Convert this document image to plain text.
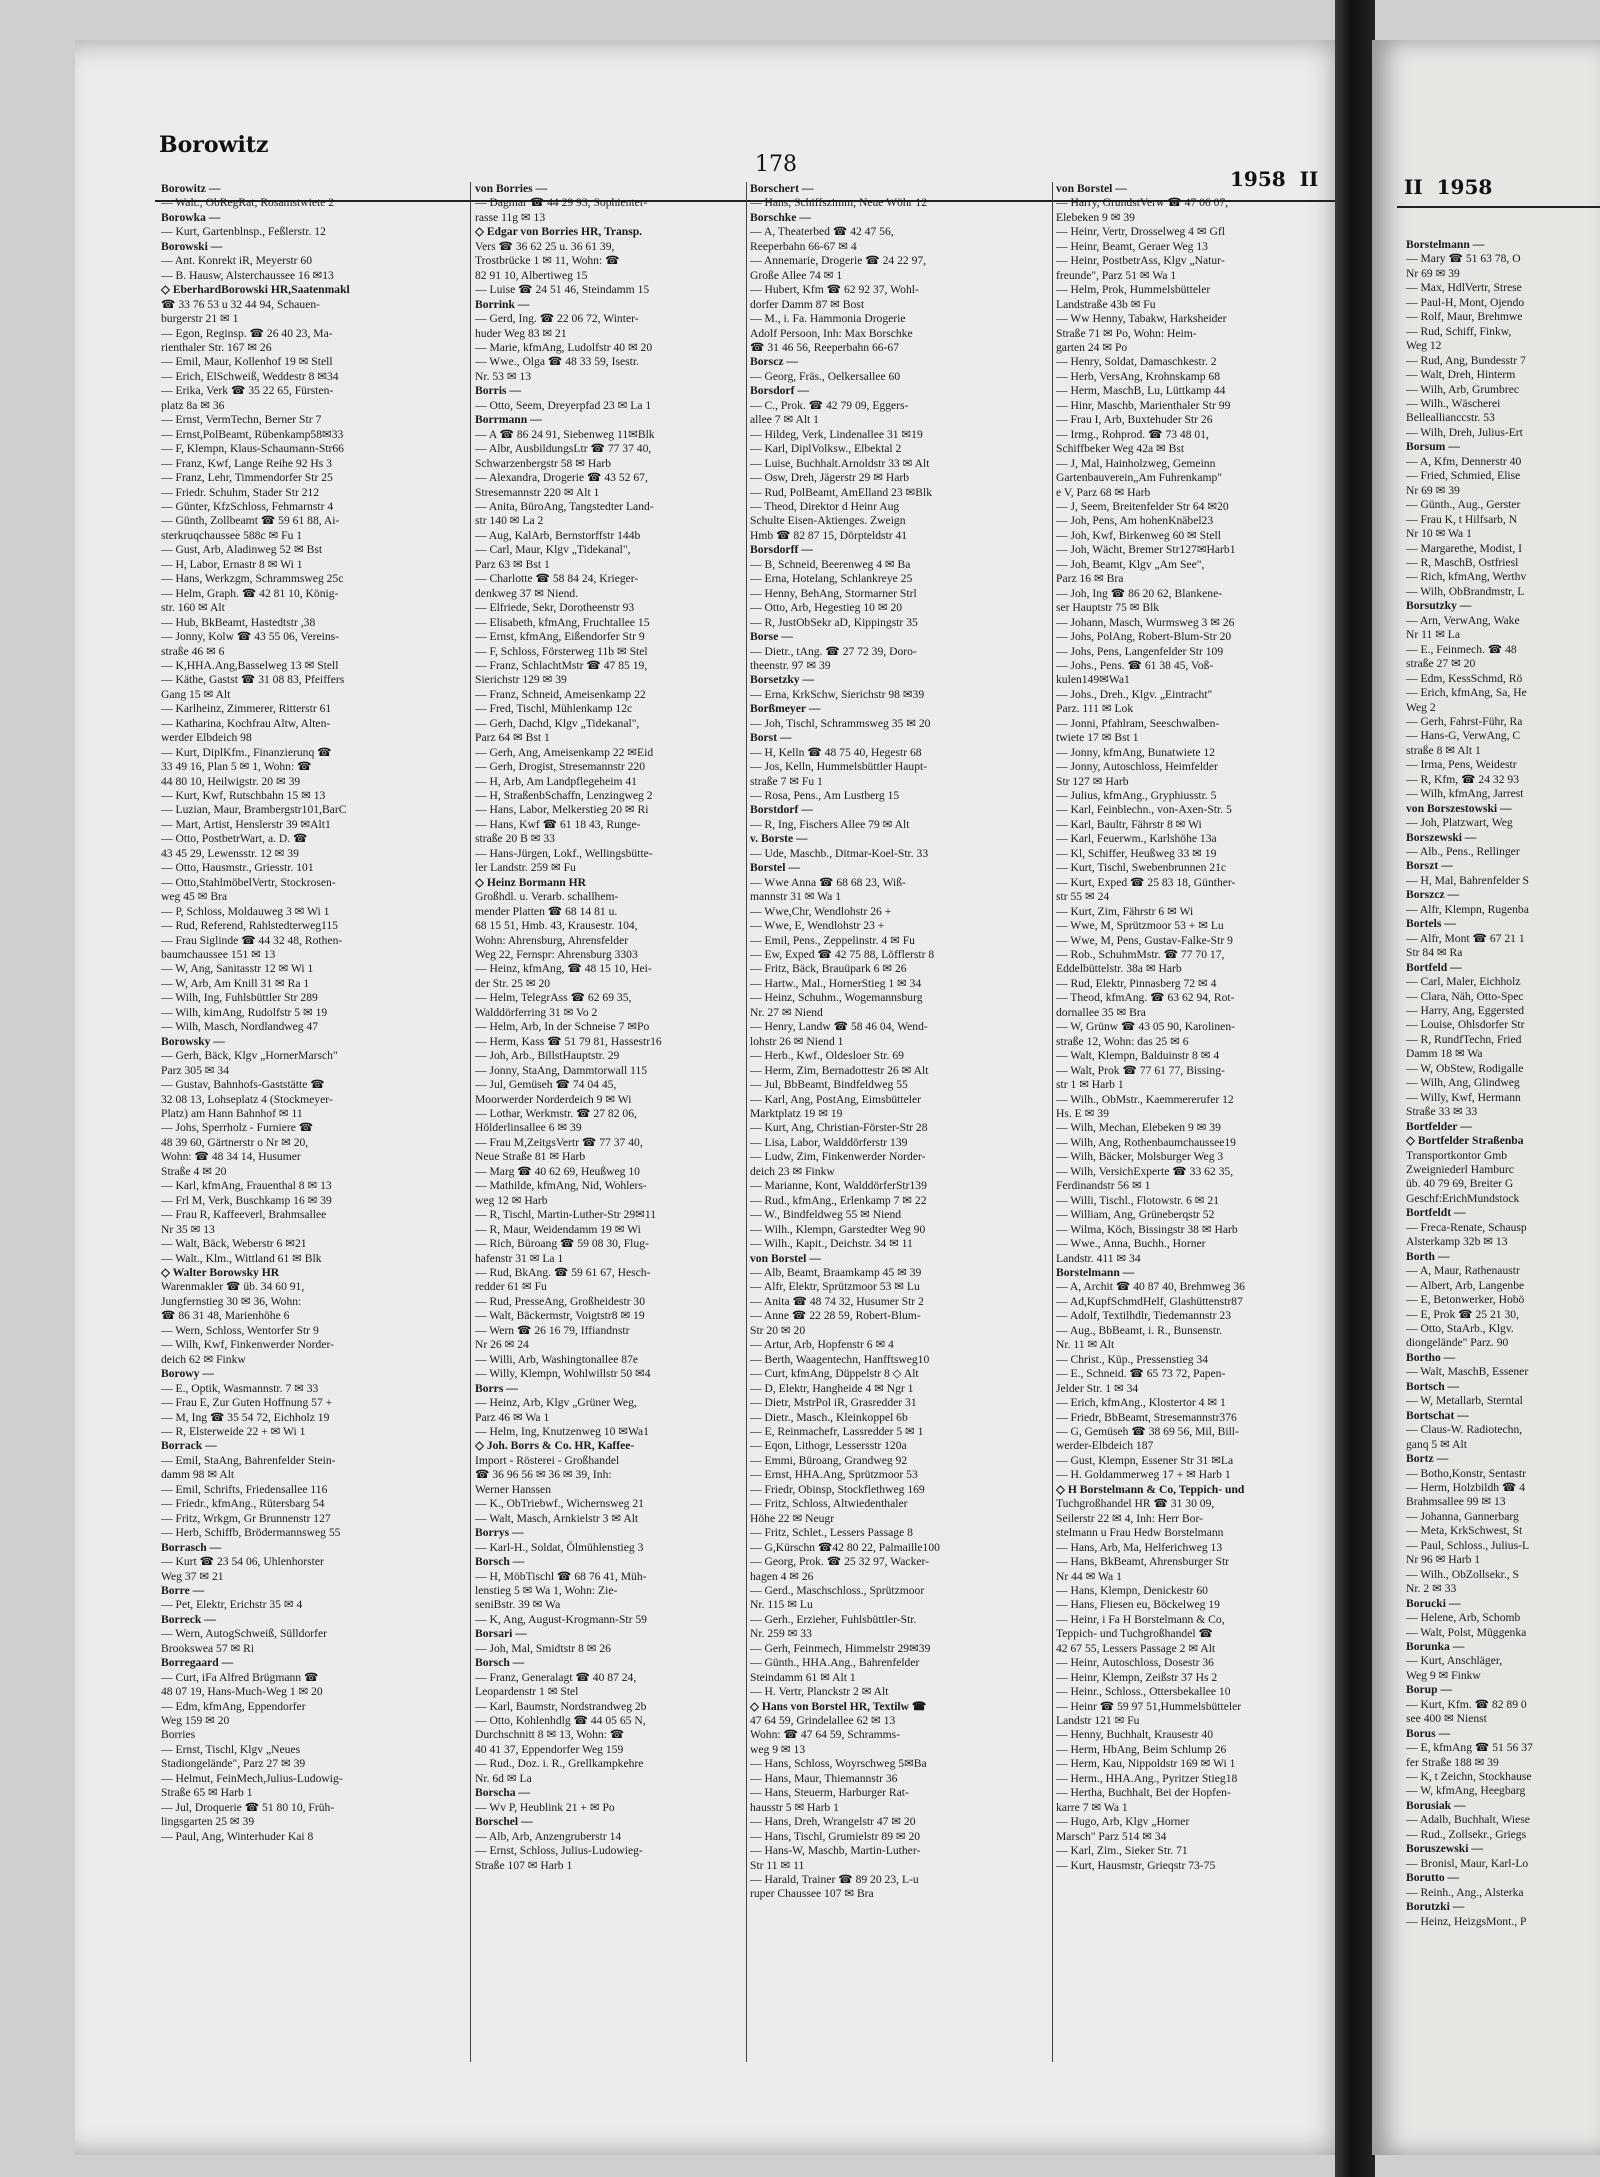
Borowitz
178
1958  II	II  1958
Borstelmann —
— Mary ☎ 51 63 78, O
Nr 69 ✉ 39
— Max, HdlVertr, Strese
— Paul-H, Mont, Ojendo
— Rolf, Maur, Brehmwe
— Rud, Schiff, Finkw,
Weg 12
— Rud, Ang, Bundesstr 7
— Walt, Dreh, Hinterm
— Wilh, Arb, Grumbrec
— Wilh., Wäscherei
Belleallianccstr. 53
— Wilh, Dreh, Julius-Ert
Borsum —
— A, Kfm, Dennerstr 40
— Fried, Schmied, Elise
Nr 69 ✉ 39
— Günth., Aug., Gerster
— Frau K, t Hilfsarb, N
Nr 10 ✉ Wa 1
— Margarethe, Modist, I
— R, MaschB, Ostfriesl
— Rich, kfmAng, Werthv
— Wilh, ObBrandmstr, L
Borsutzky —
— Arn, VerwAng, Wake
Nr 11 ✉ La
— E., Feinmech. ☎ 48
straße 27 ✉ 20
— Edm, KessSchmd, Rö
— Erich, kfmAng, Sa, He
Weg 2
— Gerh, Fahrst-Führ, Ra
— Hans-G, VerwAng, C
straße 8 ✉ Alt 1
— Irma, Pens, Weidestr
— R, Kfm, ☎ 24 32 93
— Wilh, kfmAng, Jarrest
von Borszestowski —
— Joh, Platzwart, Weg
Borszewski —
— Alb., Pens., Rellinger
Borszt —
— H, Mal, Bahrenfelder S
Borszcz —
— Alfr, Klempn, Rugenba
Bortels —
— Alfr, Mont ☎ 67 21 1
Str 84 ✉ Ra
Bortfeld —
— Carl, Maler, Eichholz
— Clara, Näh, Otto-Spec
— Harry, Ang, Eggersted
— Louise, Ohlsdorfer Str
— R, RundfTechn, Fried
Damm 18 ✉ Wa
— W, ObStew, Rodigalle
— Wilh, Ang, Glindweg
— Willy, Kwf, Hermann
Straße 33 ✉ 33
Bortfelder —
◇ Bortfelder Straßenba
Transportkontor Gmb
Zweigniederl Hamburc
üb. 40 79 69, Breiter G
Geschf:ErichMundstock
Bortfeldt —
— Freca-Renate, Schausp
Alsterkamp 32b ✉ 13
Borth —
— A, Maur, Rathenaustr
— Albert, Arb, Langenbe
— E, Betonwerker, Hobö
— E, Prok ☎ 25 21 30,
— Otto, StaArb., Klgv.
diongelände" Parz. 90
Bortho —
— Walt, MaschB, Essener
Bortsch —
— W, Metallarb, Sterntal
Bortschat —
— Claus-W. Radiotechn,
ganq 5 ✉ Alt
Bortz —
— Botho,Konstr, Sentastr
— Herm, Holzbildh ☎ 4
Brahmsallee 99 ✉ 13
— Johanna, Gannerbarg
— Meta, KrkSchwest, St
— Paul, Schloss., Julius-L
Nr 96 ✉ Harb 1
— Wilh., ObZollsekr., S
Nr. 2 ✉ 33
Borucki —
— Helene, Arb, Schomb
— Walt, Polst, Müggenka
Borunka —
— Kurt, Anschläger,
Weg 9 ✉ Finkw
Borup —
— Kurt, Kfm. ☎ 82 89 0
see 400 ✉ Nienst
Borus —
— E, kfmAng ☎ 51 56 37
fer Straße 188 ✉ 39
— K, t Zeichn, Stockhause
— W, kfmAng, Heegbarg
Borusiak —
— Adalb, Buchhalt, Wiese
— Rud., Zollsekr., Griegs
Boruszewski —
— Bronisl, Maur, Karl-Lo
Borutto —
— Reinh., Ang., Alsterka
Borutzki —
— Heinz, HeizgsMont., P
Borowitz —
— Walt., ObRegRat, Rosamstwiete 2
Borowka —
— Kurt, Gartenblnsp., Feßlerstr. 12
Borowski —
— Ant. Konrekt iR, Meyerstr 60
— B. Hausw, Alsterchaussee 16 ✉13
◇ EberhardBorowski HR,Saatenmakl
☎ 33 76 53 u 32 44 94, Schauen-
burgerstr 21 ✉ 1
— Egon, Reginsp. ☎ 26 40 23, Ma-
rienthaler Str. 167 ✉ 26
— Emil, Maur, Kollenhof 19 ✉ Stell
— Erich, ElSchweiß, Weddestr 8 ✉34
— Erika, Verk ☎ 35 22 65, Fürsten-
platz 8a ✉ 36
— Ernst, VermTechn, Berner Str 7
— Ernst,PolBeamt, Rübenkamp58✉33
— F, Klempn, Klaus-Schaumann-Str66
— Franz, Kwf, Lange Reihe 92 Hs 3
— Franz, Lehr, Timmendorfer Str 25
— Friedr. Schuhm, Stader Str 212
— Günter, KfzSchloss, Fehmarnstr 4
— Günth, Zollbeamt ☎ 59 61 88, Ai-
sterkruqchaussee 588c ✉ Fu 1
— Gust, Arb, Aladinweg 52 ✉ Bst
— H, Labor, Ernastr 8 ✉ Wi 1
— Hans, Werkzgm, Schrammsweg 25c
— Helm, Graph. ☎ 42 81 10, König-
str. 160 ✉ Alt
— Hub, BkBeamt, Hastedtstr ,38
— Jonny, Kolw ☎ 43 55 06, Vereins-
straße 46 ✉ 6
— K,HHA.Ang,Basselweg 13 ✉ Stell
— Käthe, Gastst ☎ 31 08 83, Pfeiffers
Gang 15 ✉ Alt
— Karlheinz, Zimmerer, Ritterstr 61
— Katharina, Kochfrau Altw, Alten-
werder Elbdeich 98
— Kurt, DiplKfm., Finanzierunq ☎
33 49 16, Plan 5 ✉ 1, Wohn: ☎
44 80 10, Heilwigstr. 20 ✉ 39
— Kurt, Kwf, Rutschbahn 15 ✉ 13
— Luzian, Maur, Brambergstr101,BarC
— Mart, Artist, Henslerstr 39 ✉Alt1
— Otto, PostbetrWart, a. D. ☎
43 45 29, Lewensstr. 12 ✉ 39
— Otto, Hausmstr., Griesstr. 101
— Otto,StahlmöbelVertr, Stockrosen-
weg 45 ✉ Bra
— P, Schloss, Moldauweg 3 ✉ Wi 1
— Rud, Referend, Rahlstedterweg115
— Frau Siglinde ☎ 44 32 48, Rothen-
baumchaussee 151 ✉ 13
— W, Ang, Sanitasstr 12 ✉ Wi 1
— W, Arb, Am Knill 31 ✉ Ra 1
— Wilh, Ing, Fuhlsbüttler Str 289
— Wilh, kimAng, Rudolfstr 5 ✉ 19
— Wilh, Masch, Nordlandweg 47
Borowsky —
— Gerh, Bäck, Klgv „HornerMarsch"
Parz 305 ✉ 34
— Gustav, Bahnhofs-Gaststätte ☎
32 08 13, Lohseplatz 4 (Stockmeyer-
Platz) am Hann Bahnhof ✉ 11
— Johs, Sperrholz - Furniere ☎
48 39 60, Gärtnerstr o Nr ✉ 20,
Wohn: ☎ 48 34 14, Husumer
Straße 4 ✉ 20
— Karl, kfmAng, Frauenthal 8 ✉ 13
— Frl M, Verk, Buschkamp 16 ✉ 39
— Frau R, Kaffeeverl, Brahmsallee
Nr 35 ✉ 13
— Walt, Bäck, Weberstr 6 ✉21
— Walt., Klm., Wittland 61 ✉ Blk
◇ Walter Borowsky HR
Warenmakler ☎ üb. 34 60 91,
Jungfernstieg 30 ✉ 36, Wohn:
☎ 86 31 48, Marienhöhe 6
— Wern, Schloss, Wentorfer Str 9
— Wilh, Kwf, Finkenwerder Norder-
deich 62 ✉ Finkw
Borowy —
— E., Optik, Wasmannstr. 7 ✉ 33
— Frau E, Zur Guten Hoffnung 57 +
— M, Ing ☎ 35 54 72, Eichholz 19
— R, Elsterweide 22 + ✉ Wi 1
Borrack —
— Emil, StaAng, Bahrenfelder Stein-
damm 98 ✉ Alt
— Emil, Schrifts, Friedensallee 116
— Friedr., kfmAng., Rütersbarg 54
— Fritz, Wrkgm, Gr Brunnenstr 127
— Herb, Schiffb, Brödermannsweg 55
Borrasch —
— Kurt ☎ 23 54 06, Uhlenhorster
Weg 37 ✉ 21
Borre —
— Pet, Elektr, Erichstr 35 ✉ 4
Borreck —
— Wern, AutogSchweiß, Sülldorfer
Brookswea 57 ✉ Ri
Borregaard —
— Curt, iFa Alfred Brügmann ☎
48 07 19, Hans-Much-Weg 1 ✉ 20
— Edm, kfmAng, Eppendorfer
Weg 159 ✉ 20
Borries
— Ernst, Tischl, Klgv „Neues
Stadiongelände", Parz 27 ✉ 39
— Helmut, FeinMech,Julius-Ludowig-
Straße 65 ✉ Harb 1
— Jul, Droquerie ☎ 51 80 10, Früh-
lingsgarten 25 ✉ 39
— Paul, Ang, Winterhuder Kai 8
von Borries —
— Dagmar ☎ 44 29 93, Sophienter-
rasse 11g ✉ 13
◇ Edgar von Borries HR, Transp.
Vers ☎ 36 62 25 u. 36 61 39,
Trostbrücke 1 ✉ 11, Wohn: ☎
82 91 10, Albertiweg 15
— Luise ☎ 24 51 46, Steindamm 15
Borrink —
— Gerd, Ing. ☎ 22 06 72, Winter-
huder Weg 83 ✉ 21
— Marie, kfmAng, Ludolfstr 40 ✉ 20
— Wwe., Olga ☎ 48 33 59, Isestr.
Nr. 53 ✉ 13
Borris —
— Otto, Seem, Dreyerpfad 23 ✉ La 1
Borrmann —
— A ☎ 86 24 91, Siebenweg 11✉Blk
— Albr, AusbildungsLtr ☎ 77 37 40,
Schwarzenbergstr 58 ✉ Harb
— Alexandra, Drogerie ☎ 43 52 67,
Stresemannstr 220 ✉ Alt 1
— Anita, BüroAng, Tangstedter Land-
str 140 ✉ La 2
— Aug, KalArb, Bernstorffstr 144b
— Carl, Maur, Klgv „Tidekanal",
Parz 63 ✉ Bst 1
— Charlotte ☎ 58 84 24, Krieger-
denkweg 37 ✉ Niend.
— Elfriede, Sekr, Dorotheenstr 93
— Elisabeth, kfmAng, Fruchtallee 15
— Ernst, kfmAng, Eißendorfer Str 9
— F, Schloss, Försterweg 11b ✉ Stel
— Franz, SchlachtMstr ☎ 47 85 19,
Sierichstr 129 ✉ 39
— Franz, Schneid, Ameisenkamp 22
— Fred, Tischl, Mühlenkamp 12c
— Gerh, Dachd, Klgv „Tidekanal",
Parz 64 ✉ Bst 1
— Gerh, Ang, Ameisenkamp 22 ✉Eid
— Gerh, Drogist, Stresemannstr 220
— H, Arb, Am Landpflegeheim 41
— H, StraßenbSchaffn, Lenzingweg 2
— Hans, Labor, Melkerstieg 20 ✉ Ri
— Hans, Kwf ☎ 61 18 43, Runge-
straße 20 B ✉ 33
— Hans-Jürgen, Lokf., Wellingsbütte-
ler Landstr. 259 ✉ Fu
◇ Heinz Bormann HR
Großhdl. u. Verarb. schallhem-
mender Platten ☎ 68 14 81 u.
68 15 51, Hmb. 43, Krausestr. 104,
Wohn: Ahrensburg, Ahrensfelder
Weg 22, Fernspr: Ahrensburg 3303
— Heinz, kfmAng, ☎ 48 15 10, Hei-
der Str. 25 ✉ 20
— Helm, TelegrAss ☎ 62 69 35,
Walddörferring 31 ✉ Vo 2
— Helm, Arb, In der Schneise 7 ✉Po
— Herm, Kass ☎ 51 79 81, Hassestr16
— Joh, Arb., BillstHauptstr. 29
— Jonny, StaAng, Dammtorwall 115
— Jul, Gemüseh ☎ 74 04 45,
Moorwerder Norderdeich 9 ✉ Wi
— Lothar, Werkmstr. ☎ 27 82 06,
Hölderlinsallee 6 ✉ 39
— Frau M,ZeitgsVertr ☎ 77 37 40,
Neue Straße 81 ✉ Harb
— Marg ☎ 40 62 69, Heußweg 10
— Mathilde, kfmAng, Nid, Wohlers-
weg 12 ✉ Harb
— R, Tischl, Martin-Luther-Str 29✉11
— R, Maur, Weidendamm 19 ✉ Wi
— Rich, Büroang ☎ 59 08 30, Flug-
hafenstr 31 ✉ La 1
— Rud, BkAng. ☎ 59 61 67, Hesch-
redder 61 ✉ Fu
— Rud, PresseAng, Großheidestr 30
— Walt, Bäckermstr, Voigtstr8 ✉ 19
— Wern ☎ 26 16 79, Iffiandnstr
Nr 26 ✉ 24
— Willi, Arb, Washingtonallee 87e
— Willy, Klempn, Wohlwillstr 50 ✉4
Borrs —
— Heinz, Arb, Klgv „Grüner Weg,
Parz 46 ✉ Wa 1
— Helm, Ing, Knutzenweg 10 ✉Wa1
◇ Joh. Borrs & Co. HR, Kaffee-
Import - Rösterei - Großhandel
☎ 36 96 56 ✉ 36 ✉ 39, Inh:
Werner Hanssen
— K., ObTriebwf., Wichernsweg 21
— Walt, Masch, Arnkielstr 3 ✉ Alt
Borrys —
— Karl-H., Soldat, Ölmühlenstieg 3
Borsch —
— H, MöbTischl ☎ 68 76 41, Müh-
lenstieg 5 ✉ Wa 1, Wohn: Zie-
seniBstr. 39 ✉ Wa
— K, Ang, August-Krogmann-Str 59
Borsari —
— Joh, Mal, Smidtstr 8 ✉ 26
Borsch —
— Franz, Generalagt ☎ 40 87 24,
Leopardenstr 1 ✉ Stel
— Karl, Baumstr, Nordstrandweg 2b
— Otto, Kohlenhdlg ☎ 44 05 65 N,
Durchschnitt 8 ✉ 13, Wohn: ☎
40 41 37, Eppendorfer Weg 159
— Rud., Doz. i. R., Grellkampkehre
Nr. 6d ✉ La
Borscha —
— Wv P, Heublink 21 + ✉ Po
Borschel —
— Alb, Arb, Anzengruberstr 14
— Ernst, Schloss, Julius-Ludowieg-
Straße 107 ✉ Harb 1
Borschert —
— Hans, Schiffszimm, Neue Wöhr 12
Borschke —
— A, Theaterbed ☎ 42 47 56,
Reeperbahn 66-67 ✉ 4
— Annemarie, Drogerie ☎ 24 22 97,
Große Allee 74 ✉ 1
— Hubert, Kfm ☎ 62 92 37, Wohl-
dorfer Damm 87 ✉ Bost
— M., i. Fa. Hammonia Drogerie
Adolf Persoon, Inh: Max Borschke
☎ 31 46 56, Reeperbahn 66-67
Borscz —
— Georg, Fräs., Oelkersallee 60
Borsdorf —
— C., Prok. ☎ 42 79 09, Eggers-
allee 7 ✉ Alt 1
— Hildeg, Verk, Lindenallee 31 ✉19
— Karl, DiplVolksw., Elbektal 2
— Luise, Buchhalt.Arnoldstr 33 ✉ Alt
— Osw, Dreh, Jägerstr 29 ✉ Harb
— Rud, PolBeamt, AmElland 23 ✉Blk
— Theod, Direktor d Heinr Aug
Schulte Eisen-Aktienges. Zweign
Hmb ☎ 82 87 15, Dörpteldstr 41
Borsdorff —
— B, Schneid, Beerenweg 4 ✉ Ba
— Erna, Hotelang, Schlankreye 25
— Henny, BehAng, Stormarner Strl
— Otto, Arb, Hegestieg 10 ✉ 20
— R, JustObSekr aD, Kippingstr 35
Borse —
— Dietr., tAng. ☎ 27 72 39, Doro-
theenstr. 97 ✉ 39
Borsetzky —
— Erna, KrkSchw, Sierichstr 98 ✉39
Borßmeyer —
— Joh, Tischl, Schrammsweg 35 ✉ 20
Borst —
— H, Kelln ☎ 48 75 40, Hegestr 68
— Jos, Kelln, Hummelsbüttler Haupt-
straße 7 ✉ Fu 1
— Rosa, Pens., Am Lustberg 15
Borstdorf —
— R, Ing, Fischers Allee 79 ✉ Alt
v. Borste —
— Ude, Maschb., Ditmar-Koel-Str. 33
Borstel —
— Wwe Anna ☎ 68 68 23, Wiß-
mannstr 31 ✉ Wa 1
— Wwe,Chr, Wendlohstr 26 +
— Wwe, E, Wendlohstr 23 +
— Emil, Pens., Zeppelinstr. 4 ✉ Fu
— Ew, Exped ☎ 42 75 88, Löfflerstr 8
— Fritz, Bäck, Brauüpark 6 ✉ 26
— Hartw., Mal., HornerStieg 1 ✉ 34
— Heinz, Schuhm., Wogemannsburg
Nr. 27 ✉ Niend
— Henry, Landw ☎ 58 46 04, Wend-
lohstr 26 ✉ Niend 1
— Herb., Kwf., Oldesloer Str. 69
— Herm, Zim, Bernadottestr 26 ✉ Alt
— Jul, BbBeamt, Bindfeldweg 55
— Karl, Ang, PostAng, Eimsbütteler
Marktplatz 19 ✉ 19
— Kurt, Ang, Christian-Förster-Str 28
— Lisa, Labor, Walddörferstr 139
— Ludw, Zim, Finkenwerder Norder-
deich 23 ✉ Finkw
— Marianne, Kont, WalddörferStr139
— Rud., kfmAng., Erlenkamp 7 ✉ 22
— W., Bindfeldweg 55 ✉ Niend
— Wilh., Klempn, Garstedter Weg 90
— Wilh., Kapit., Deichstr. 34 ✉ 11
von Borstel —
— Alb, Beamt, Braamkamp 45 ✉ 39
— Alfr, Elektr, Sprützmoor 53 ✉ Lu
— Anita ☎ 48 74 32, Husumer Str 2
— Anne ☎ 22 28 59, Robert-Blum-
Str 20 ✉ 20
— Artur, Arb, Hopfenstr 6 ✉ 4
— Berth, Waagentechn, Hanfftsweg10
— Curt, kfmAng, Düppelstr 8 ◇ Alt
— D, Elektr, Hangheide 4 ✉ Ngr 1
— Dietr, MstrPol iR, Grasredder 31
— Dietr., Masch., Kleinkoppel 6b
— E, Reinmachefr, Lassredder 5 ✉ 1
— Eqon, Lithogr, Lessersstr 120a
— Emmi, Büroang, Grandweg 92
— Ernst, HHA.Ang, Sprützmoor 53
— Friedr, Obinsp, Stockflethweg 169
— Fritz, Schloss, Altwiedenthaler
Höhe 22 ✉ Neugr
— Fritz, Schlet., Lessers Passage 8
— G,Kürschn ☎42 80 22, Palmaille100
— Georg, Prok. ☎ 25 32 97, Wacker-
hagen 4 ✉ 26
— Gerd., Maschschloss., Sprützmoor
Nr. 115 ✉ Lu
— Gerh., Erzieher, Fuhlsbüttler-Str.
Nr. 259 ✉ 33
— Gerh, Feinmech, Himmelstr 29✉39
— Günth., HHA.Ang., Bahrenfelder
Steindamm 61 ✉ Alt 1
— H. Vertr, Planckstr 2 ✉ Alt
◇ Hans von Borstel HR, Textilw ☎
47 64 59, Grindelallee 62 ✉ 13
Wohn: ☎ 47 64 59, Schramms-
weg 9 ✉ 13
— Hans, Schloss, Woyrschweg 5✉Ba
— Hans, Maur, Thiemannstr 36
— Hans, Steuerm, Harburger Rat-
hausstr 5 ✉ Harb 1
— Hans, Dreh, Wrangelstr 47 ✉ 20
— Hans, Tischl, Grumielstr 89 ✉ 20
— Hans-W, Maschb, Martin-Luther-
Str 11 ✉ 11
— Harald, Trainer ☎ 89 20 23, L-u
ruper Chaussee 107 ✉ Bra
von Borstel —
— Harry, GrundstVerw ☎ 47 06 07,
Elebeken 9 ✉ 39
— Heinr, Vertr, Drosselweg 4 ✉ Gfl
— Heinr, Beamt, Geraer Weg 13
— Heinr, PostbetrAss, Klgv „Natur-
freunde", Parz 51 ✉ Wa 1
— Helm, Prok, Hummelsbütteler
Landstraße 43b ✉ Fu
— Ww Henny, Tabakw, Harksheider
Straße 71 ✉ Po, Wohn: Heim-
garten 24 ✉ Po
— Henry, Soldat, Damaschkestr. 2
— Herb, VersAng, Krohnskamp 68
— Herm, MaschB, Lu, Lüttkamp 44
— Hinr, Maschb, Marienthaler Str 99
— Frau I, Arb, Buxtehuder Str 26
— Irmg., Rohprod. ☎ 73 48 01,
Schiffbeker Weg 42a ✉ Bst
— J, Mal, Hainholzweg, Gemeinn
Gartenbauverein„Am Fuhrenkamp"
e V, Parz 68 ✉ Harb
— J, Seem, Breitenfelder Str 64 ✉20
— Joh, Pens, Am hohenKnäbel23
— Joh, Kwf, Birkenweg 60 ✉ Stell
— Joh, Wächt, Bremer Str127✉Harb1
— Joh, Beamt, Klgv „Am See",
Parz 16 ✉ Bra
— Joh, Ing ☎ 86 20 62, Blankene-
ser Hauptstr 75 ✉ Blk
— Johann, Masch, Wurmsweg 3 ✉ 26
— Johs, PolAng, Robert-Blum-Str 20
— Johs, Pens, Langenfelder Str 109
— Johs., Pens. ☎ 61 38 45, Voß-
kulen149✉Wa1
— Johs., Dreh., Klgv. „Eintracht"
Parz. 111 ✉ Lok
— Jonni, Pfahlram, Seeschwalben-
twiete 17 ✉ Bst 1
— Jonny, kfmAng, Bunatwiete 12
— Jonny, Autoschloss, Heimfelder
Str 127 ✉ Harb
— Julius, kfmAng., Gryphiusstr. 5
— Karl, Feinblechn., von-Axen-Str. 5
— Karl, Baultr, Fährstr 8 ✉ Wi
— Karl, Feuerwm., Karlshöhe 13a
— Kl, Schiffer, Heußweg 33 ✉ 19
— Kurt, Tischl, Swebenbrunnen 21c
— Kurt, Exped ☎ 25 83 18, Günther-
str 55 ✉ 24
— Kurt, Zim, Fährstr 6 ✉ Wi
— Wwe, M, Sprützmoor 53 + ✉ Lu
— Wwe, M, Pens, Gustav-Falke-Str 9
— Rob., SchuhmMstr. ☎ 77 70 17,
Eddelbüttelstr. 38a ✉ Harb
— Rud, Elektr, Pinnasberg 72 ✉ 4
— Theod, kfmAng. ☎ 63 62 94, Rot-
dornallee 35 ✉ Bra
— W, Grünw ☎ 43 05 90, Karolinen-
straße 12, Wohn: das 25 ✉ 6
— Walt, Klempn, Balduinstr 8 ✉ 4
— Walt, Prok ☎ 77 61 77, Bissing-
str 1 ✉ Harb 1
— Wilh., ObMstr., Kaemmererufer 12
Hs. E ✉ 39
— Wilh, Mechan, Elebeken 9 ✉ 39
— Wilh, Ang, Rothenbaumchaussee19
— Wilh, Bäcker, Molsburger Weg 3
— Wilh, VersichExperte ☎ 33 62 35,
Ferdinandstr 56 ✉ 1
— Willi, Tischl., Flotowstr. 6 ✉ 21
— William, Ang, Grüneberqstr 52
— Wilma, Köch, Bissingstr 38 ✉ Harb
— Wwe., Anna, Buchh., Horner
Landstr. 411 ✉ 34
Borstelmann —
— A, Archit ☎ 40 87 40, Brehmweg 36
— Ad,KupfSchmdHelf, Glashüttenstr87
— Adolf, Textilhdlr, Tiedemannstr 23
— Aug., BbBeamt, i. R., Bunsenstr.
Nr. 11 ✉ Alt
— Christ., Küp., Pressenstieg 34
— E., Schneid. ☎ 65 73 72, Papen-
Jelder Str. 1 ✉ 34
— Erich, kfmAng., Klostertor 4 ✉ 1
— Friedr, BbBeamt, Stresemannstr376
— G, Gemüseh ☎ 38 69 56, Mil, Bill-
werder-Elbdeich 187
— Gust, Klempn, Essener Str 31 ✉La
— H. Goldammerweg 17 + ✉ Harb 1
◇ H Borstelmann & Co, Teppich- und
Tuchgroßhandel HR ☎ 31 30 09,
Seilerstr 22 ✉ 4, Inh: Herr Bor-
stelmann u Frau Hedw Borstelmann
— Hans, Arb, Ma, Helferichweg 13
— Hans, BkBeamt, Ahrensburger Str
Nr 44 ✉ Wa 1
— Hans, Klempn, Denickestr 60
— Hans, Fliesen eu, Böckelweg 19
— Heinr, i Fa H Borstelmann & Co,
Teppich- und Tuchgroßhandel ☎
42 67 55, Lessers Passage 2 ✉ Alt
— Heinr, Autoschloss, Dosestr 36
— Heinr, Klempn, Zeißstr 37 Hs 2
— Heinr., Schloss., Ottersbekallee 10
— Heinr ☎ 59 97 51,Hummelsbütteler
Landstr 121 ✉ Fu
— Henny, Buchhalt, Krausestr 40
— Herm, HbAng, Beim Schlump 26
— Herm, Kau, Nippoldstr 169 ✉ Wi 1
— Herm., HHA.Ang., Pyritzer Stieg18
— Hertha, Buchhalt, Bei der Hopfen-
karre 7 ✉ Wa 1
— Hugo, Arb, Klgv „Horner
Marsch" Parz 514 ✉ 34
— Karl, Zim., Sieker Str. 71
— Kurt, Hausmstr, Grieqstr 73-75
